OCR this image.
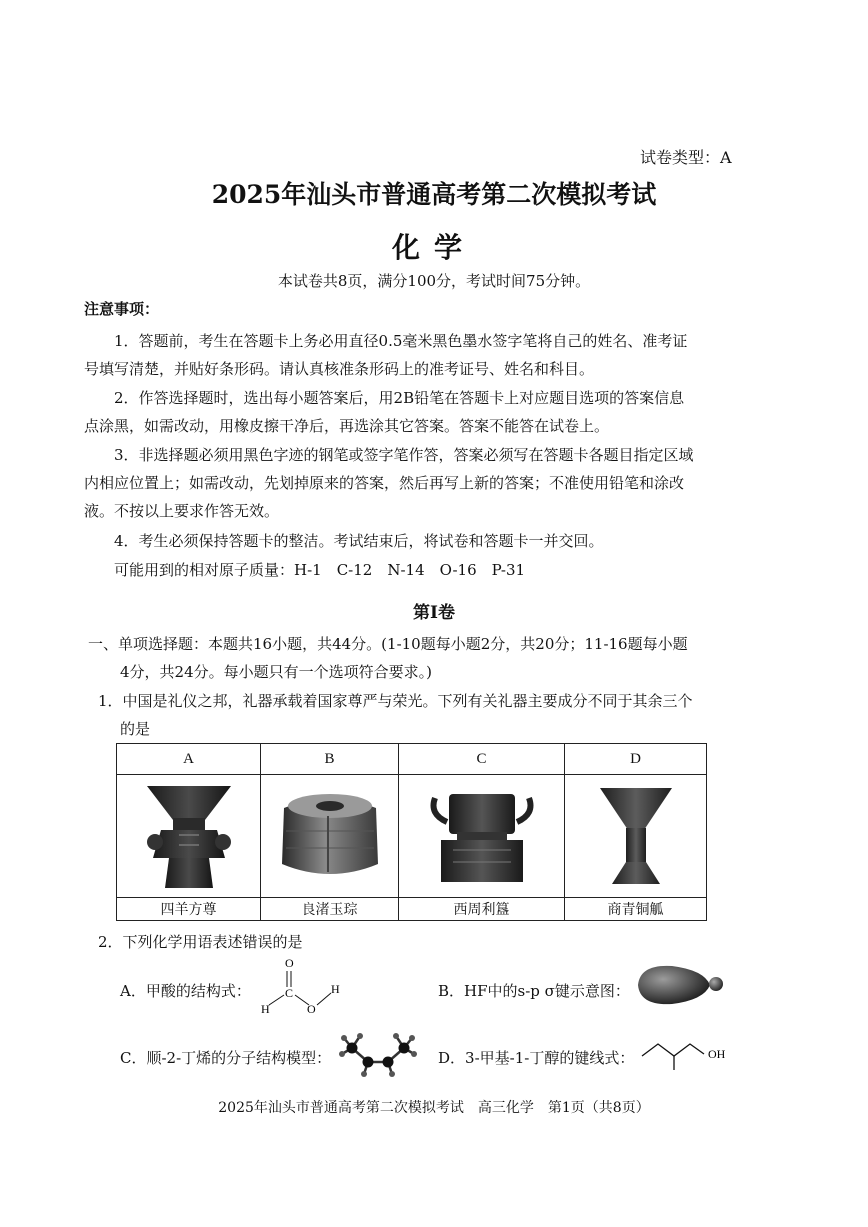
试卷类型：A
2025年汕头市普通高考第二次模拟考试
化学
本试卷共8页，满分100分，考试时间75分钟。
注意事项：
1．答题前，考生在答题卡上务必用直径0.5毫米黑色墨水签字笔将自己的姓名、准考证
号填写清楚，并贴好条形码。请认真核准条形码上的准考证号、姓名和科目。
2．作答选择题时，选出每小题答案后，用2B铅笔在答题卡上对应题目选项的答案信息
点涂黑，如需改动，用橡皮擦干净后，再选涂其它答案。答案不能答在试卷上。
3．非选择题必须用黑色字迹的钢笔或签字笔作答，答案必须写在答题卡各题目指定区域
内相应位置上；如需改动，先划掉原来的答案，然后再写上新的答案；不准使用铅笔和涂改
液。不按以上要求作答无效。
4．考生必须保持答题卡的整洁。考试结束后，将试卷和答题卡一并交回。
可能用到的相对原子质量：H-1　C-12　N-14　O-16　P-31
第Ⅰ卷
一、单项选择题：本题共16小题，共44分。(1-10题每小题2分，共20分；11-16题每小题
4分，共24分。每小题只有一个选项符合要求。)
1．中国是礼仪之邦，礼器承载着国家尊严与荣光。下列有关礼器主要成分不同于其余三个
的是
A	B	C	D
四羊方尊	良渚玉琮	西周利簋	商青铜觚
2．下列化学用语表述错误的是
A．甲酸的结构式：
O
C
H	O
H	B．HF中的s-p σ键示意图：
C．顺-2-丁烯的分子结构模型：	D．3-甲基-1-丁醇的键线式：	OH
2025年汕头市普通高考第二次模拟考试　高三化学　第1页（共8页）
